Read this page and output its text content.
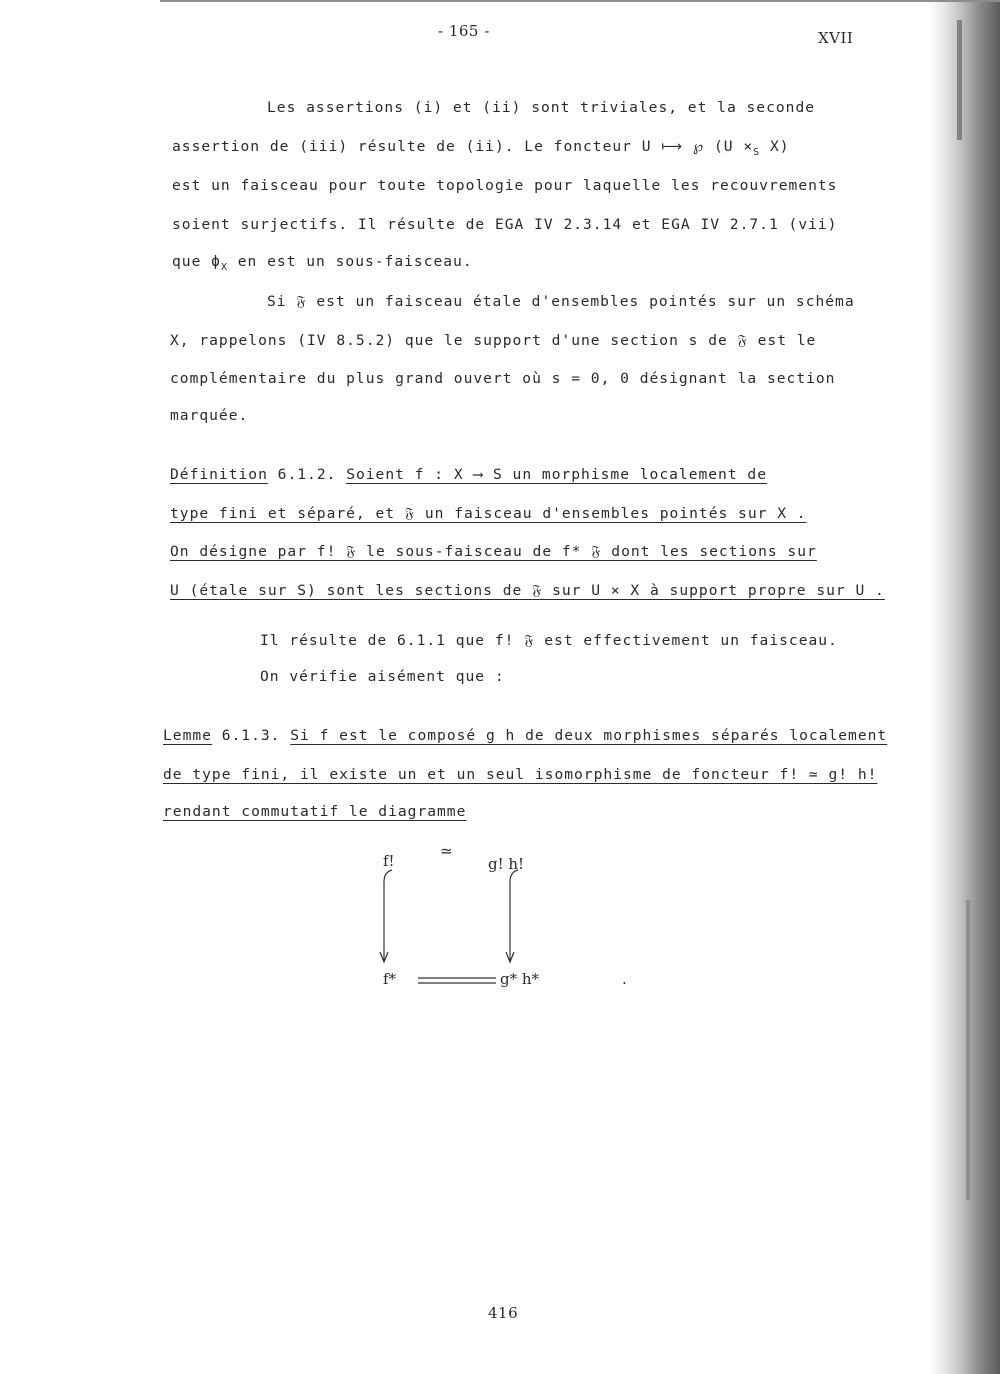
- 165 -	XVII
Les assertions (i) et (ii) sont triviales, et la seconde
assertion de (iii) résulte de (ii). Le foncteur U ⟼ ℘ ($U \times_S$ X)
est un faisceau pour toute topologie pour laquelle les recouvrements
soient surjectifs. Il résulte de EGA IV 2.3.14 et EGA IV 2.7.1 (vii)
que $\phi_X$ en est un sous-faisceau.
Si 𝔉 est un faisceau étale d'ensembles pointés sur un schéma
X, rappelons (IV 8.5.2) que le support d'une section s de 𝔉 est le
complémentaire du plus grand ouvert où s = 0, 0 désignant la section
marquée.
Définition 6.1.2. Soient f : X ⟶ S un morphisme localement de
type fini et séparé, et 𝔉 un faisceau d'ensembles pointés sur X .
On désigne par f! 𝔉 le sous-faisceau de f* 𝔉 dont les sections sur
U (étale sur S) sont les sections de 𝔉 sur U × X à support propre sur U .
Il résulte de 6.1.1 que f! 𝔉 est effectivement un faisceau.
On vérifie aisément que :
Lemme 6.1.3. Si f est le composé g h de deux morphismes séparés localement
de type fini, il existe un et un seul isomorphisme de foncteur f! ≃ g! h!
rendant commutatif le diagramme
f!
≃
g! h!
f*	g* h*	.
416
